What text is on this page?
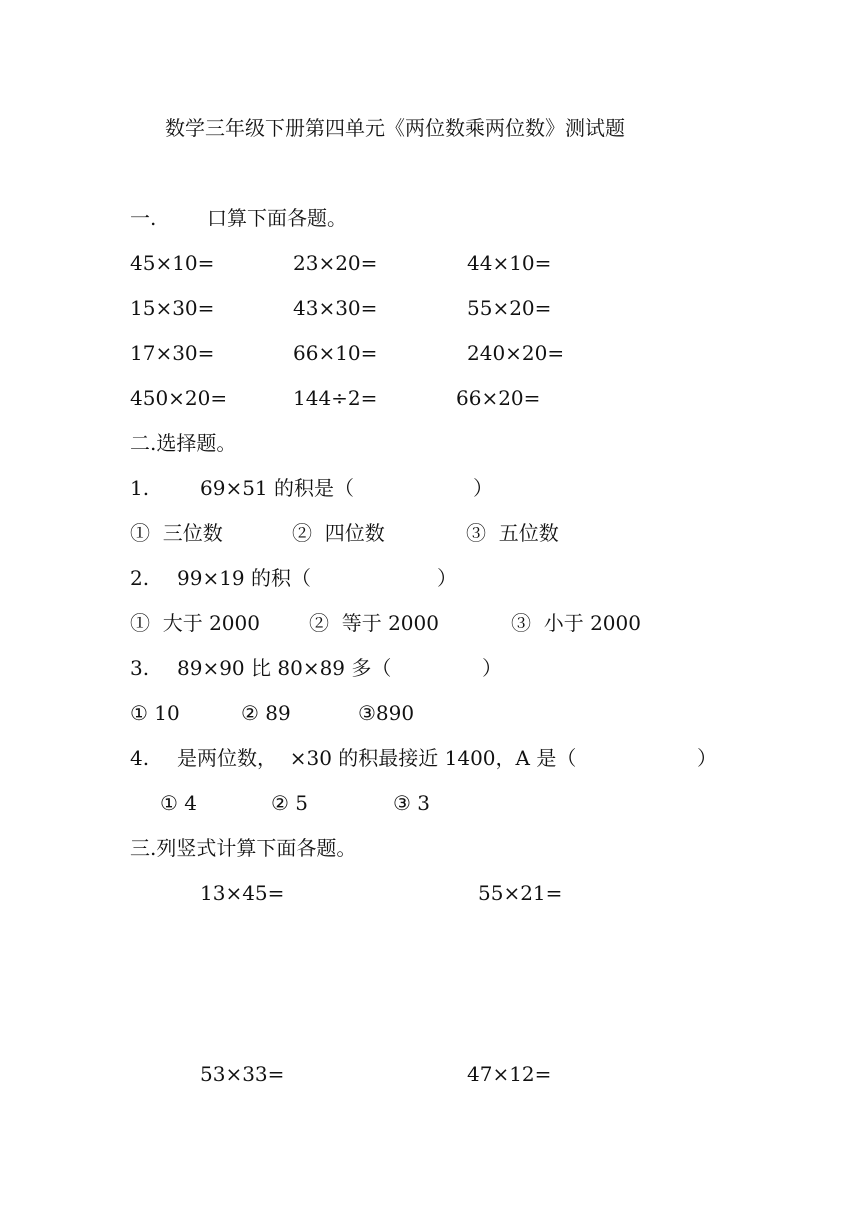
数学三年级下册第四单元《两位数乘两位数》测试题
一.	口算下面各题。
45×10=	23×20=	44×10=
15×30=	43×30=	55×20=
17×30=	66×10=	240×20=
450×20=	144÷2=	66×20=
二.选择题。
1.	69×51 的积是（	）
①  三位数	②  四位数	③  五位数
2. 99×19 的积（	）
①  大于 2000 ②  等于 2000	③  小于 2000
3. 89×90 比 80×89 多（	）
① 10	② 89	③890
4. 是两位数，  ×30 的积最接近 1400，A 是（	）
① 4	② 5	③ 3
三.列竖式计算下面各题。
13×45=	55×21=
53×33=	47×12=
